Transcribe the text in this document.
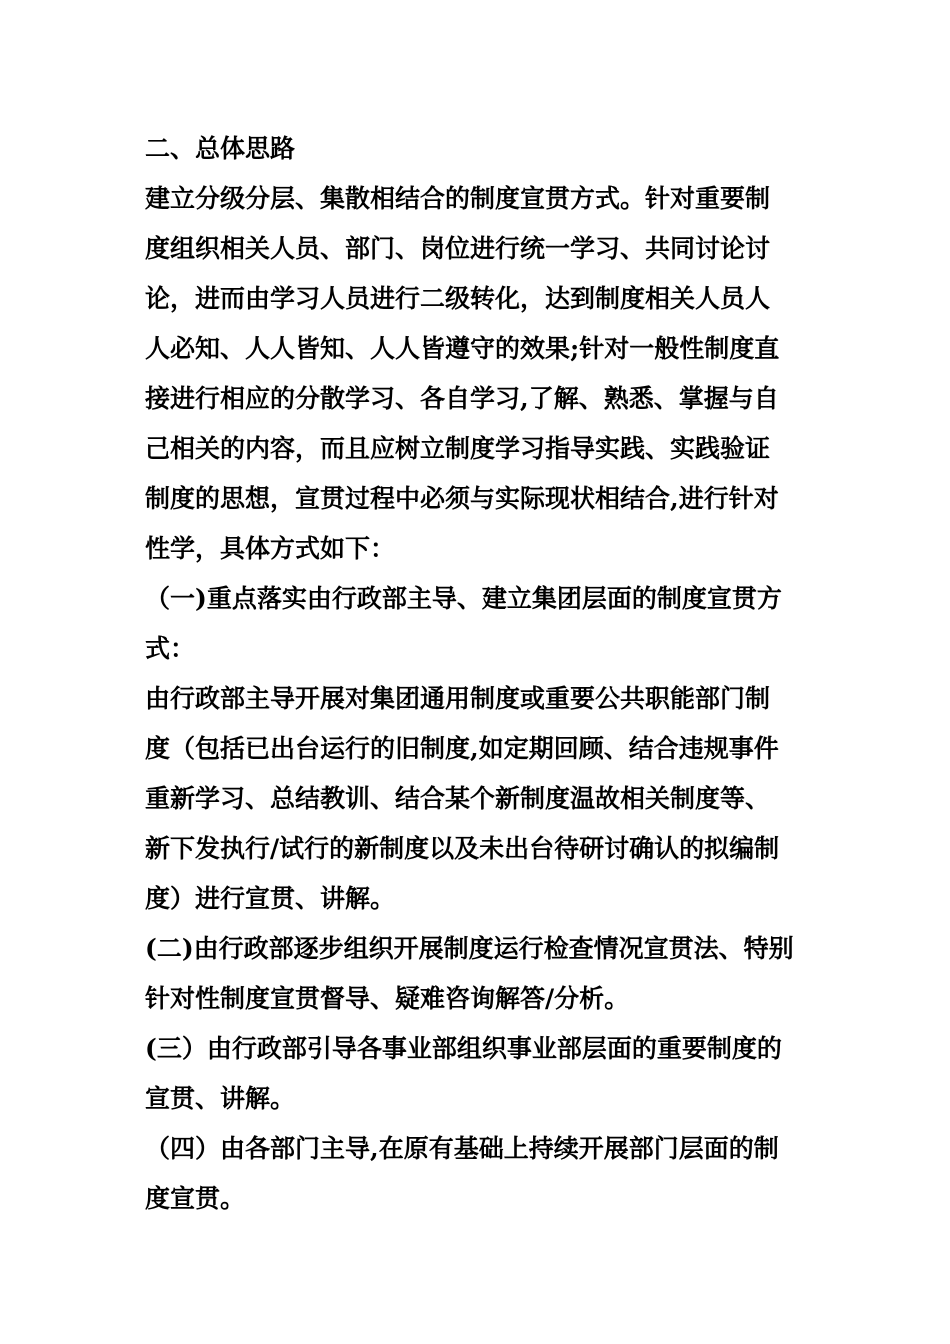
二、总体思路
建立分级分层、集散相结合的制度宣贯方式。针对重要制
度组织相关人员、部门、岗位进行统一学习、共同讨论讨
论，进而由学习人员进行二级转化，达到制度相关人员人
人必知、人人皆知、人人皆遵守的效果;针对一般性制度直
接进行相应的分散学习、各自学习,了解、熟悉、掌握与自
己相关的内容，而且应树立制度学习指导实践、实践验证
制度的思想，宣贯过程中必须与实际现状相结合,进行针对
性学，具体方式如下：
（一)重点落实由行政部主导、建立集团层面的制度宣贯方
式：
由行政部主导开展对集团通用制度或重要公共职能部门制
度（包括已出台运行的旧制度,如定期回顾、结合违规事件
重新学习、总结教训、结合某个新制度温故相关制度等、
新下发执行/试行的新制度以及未出台待研讨确认的拟编制
度）进行宣贯、讲解。
(二)由行政部逐步组织开展制度运行检查情况宣贯法、特别
针对性制度宣贯督导、疑难咨询解答/分析。
(三）由行政部引导各事业部组织事业部层面的重要制度的
宣贯、讲解。
（四）由各部门主导,在原有基础上持续开展部门层面的制
度宣贯。
